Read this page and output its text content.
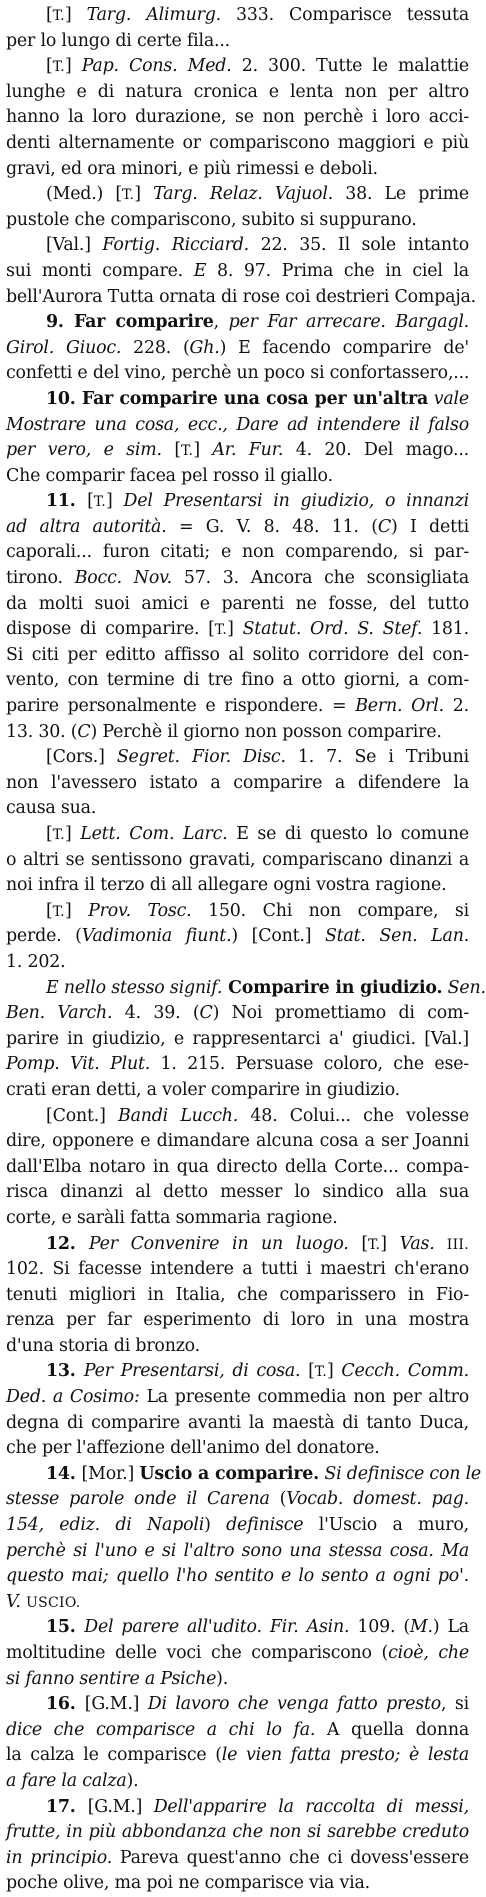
[T.] Targ. Alimurg. 333. Comparisce tessuta
per lo lungo di certe fila...
[T.] Pap. Cons. Med. 2. 300. Tutte le malattie
lunghe e di natura cronica e lenta non per altro
hanno la loro durazione, se non perchè i loro acci-
denti alternamente or compariscono maggiori e più
gravi, ed ora minori, e più rimessi e deboli.
(Med.) [T.] Targ. Relaz. Vajuol. 38. Le prime
pustole che compariscono, subito si suppurano.
[Val.] Fortig. Ricciard. 22. 35. Il sole intanto
sui monti compare. E 8. 97. Prima che in ciel la
bell'Aurora Tutta ornata di rose coi destrieri Compaja.
9. Far comparire, per Far arrecare. Bargagl.
Girol. Giuoc. 228. (Gh.) E facendo comparire de'
confetti e del vino, perchè un poco si confortassero,...
10. Far comparire una cosa per un'altra vale
Mostrare una cosa, ecc., Dare ad intendere il falso
per vero, e sim. [T.] Ar. Fur. 4. 20. Del mago...
Che comparir facea pel rosso il giallo.
11. [T.] Del Presentarsi in giudizio, o innanzi
ad altra autorità. = G. V. 8. 48. 11. (C) I detti
caporali... furon citati; e non comparendo, si par-
tirono. Bocc. Nov. 57. 3. Ancora che sconsigliata
da molti suoi amici e parenti ne fosse, del tutto
dispose di comparire. [T.] Statut. Ord. S. Stef. 181.
Si citi per editto affisso al solito corridore del con-
vento, con termine di tre fino a otto giorni, a com-
parire personalmente e rispondere. = Bern. Orl. 2.
13. 30. (C) Perchè il giorno non posson comparire.
[Cors.] Segret. Fior. Disc. 1. 7. Se i Tribuni
non l'avessero istato a comparire a difendere la
causa sua.
[T.] Lett. Com. Larc. E se di questo lo comune
o altri se sentissono gravati, compariscano dinanzi a
noi infra il terzo di all allegare ogni vostra ragione.
[T.] Prov. Tosc. 150. Chi non compare, si
perde. (Vadimonia fiunt.) [Cont.] Stat. Sen. Lan.
1. 202.
E nello stesso signif. Comparire in giudizio. Sen.
Ben. Varch. 4. 39. (C) Noi promettiamo di com-
parire in giudizio, e rappresentarci a' giudici. [Val.]
Pomp. Vit. Plut. 1. 215. Persuase coloro, che ese-
crati eran detti, a voler comparire in giudizio.
[Cont.] Bandi Lucch. 48. Colui... che volesse
dire, opponere e dimandare alcuna cosa a ser Joanni
dall'Elba notaro in qua directo della Corte... compa-
risca dinanzi al detto messer lo sindico alla sua
corte, e saràli fatta sommaria ragione.
12. Per Convenire in un luogo. [T.] Vas. III.
102. Si facesse intendere a tutti i maestri ch'erano
tenuti migliori in Italia, che comparissero in Fio-
renza per far esperimento di loro in una mostra
d'una storia di bronzo.
13. Per Presentarsi, di cosa. [T.] Cecch. Comm.
Ded. a Cosimo: La presente commedia non per altro
degna di comparire avanti la maestà di tanto Duca,
che per l'affezione dell'animo del donatore.
14. [Mor.] Uscio a comparire. Si definisce con le
stesse parole onde il Carena (Vocab. domest. pag.
154, ediz. di Napoli) definisce l'Uscio a muro,
perchè si l'uno e si l'altro sono una stessa cosa. Ma
questo mai; quello l'ho sentito e lo sento a ogni po'.
V. USCIO.
15. Del parere all'udito. Fir. Asin. 109. (M.) La
moltitudine delle voci che compariscono (cioè, che
si fanno sentire a Psiche).
16. [G.M.] Di lavoro che venga fatto presto, si
dice che comparisce a chi lo fa. A quella donna
la calza le comparisce (le vien fatta presto; è lesta
a fare la calza).
17. [G.M.] Dell'apparire la raccolta di messi,
frutte, in più abbondanza che non si sarebbe creduto
in principio. Pareva quest'anno che ci dovess'essere
poche olive, ma poi ne comparisce via via.
